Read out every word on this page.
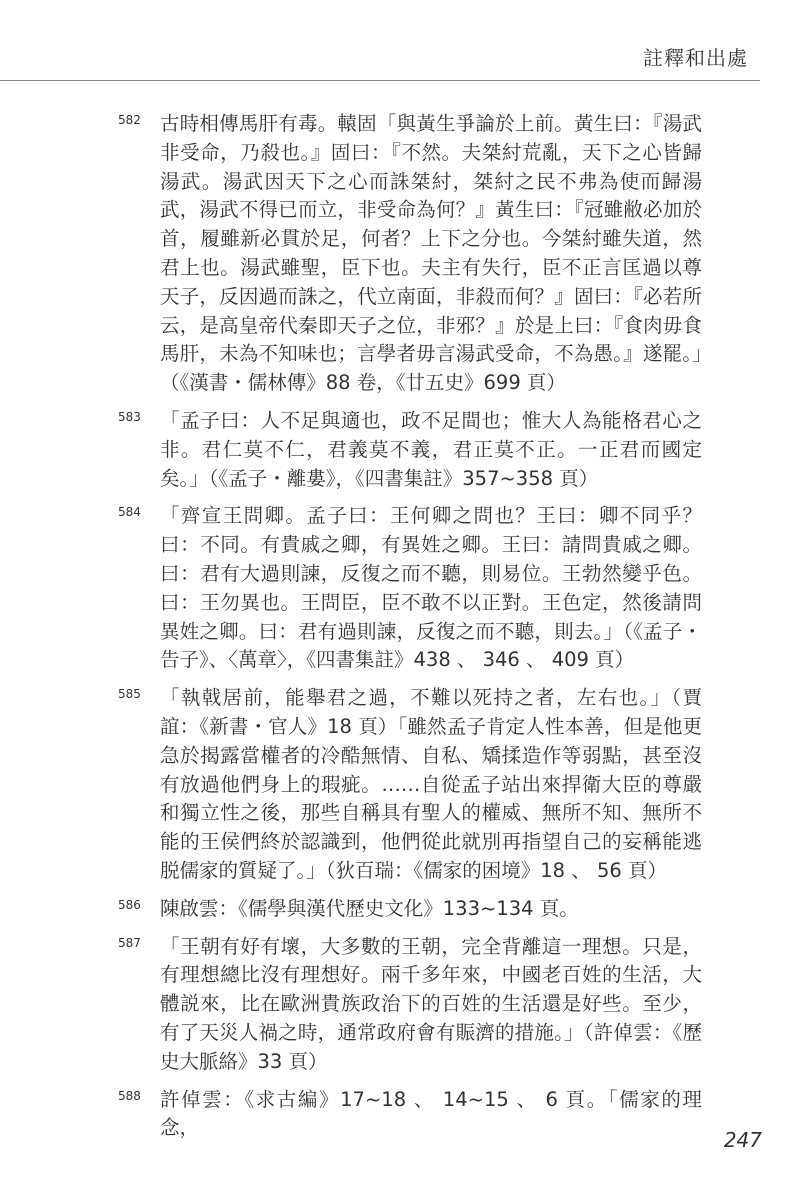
註釋和出處
582 古時相傳馬肝有毒。轅固「與黃生爭論於上前。黃生曰：『湯武非受命，乃殺也。』固曰：『不然。夫桀紂荒亂，天下之心皆歸湯武。湯武因天下之心而誅桀紂，桀紂之民不弗為使而歸湯武，湯武不得已而立，非受命為何？』黃生曰：『冠雖敝必加於首，履雖新必貫於足，何者？上下之分也。今桀紂雖失道，然君上也。湯武雖聖，臣下也。夫主有失行，臣不正言匡過以尊天子，反因過而誅之，代立南面，非殺而何？』固曰：『必若所云，是高皇帝代秦即天子之位，非邪？』於是上曰：『食肉毋食馬肝，未為不知味也；言學者毋言湯武受命，不為愚。』遂罷。」（《漢書・儒林傳》88 卷，《廿五史》699 頁）
583 「孟子曰：人不足與適也，政不足間也；惟大人為能格君心之非。君仁莫不仁，君義莫不義，君正莫不正。一正君而國定矣。」（《孟子・離婁》，《四書集註》357~358 頁）
584 「齊宣王問卿。孟子曰：王何卿之問也？王曰：卿不同乎？曰：不同。有貴戚之卿，有異姓之卿。王曰：請問貴戚之卿。曰：君有大過則諫，反復之而不聽，則易位。王勃然變乎色。曰：王勿異也。王問臣，臣不敢不以正對。王色定，然後請問異姓之卿。曰：君有過則諫，反復之而不聽，則去。」（《孟子・告子》、〈萬章〉，《四書集註》438 、 346 、 409 頁）
585 「執戟居前，能舉君之過，不難以死持之者，左右也。」（賈誼：《新書・官人》18 頁）「雖然孟子肯定人性本善，但是他更急於揭露當權者的冷酷無情、自私、矯揉造作等弱點，甚至沒有放過他們身上的瑕疵。……自從孟子站出來捍衛大臣的尊嚴和獨立性之後，那些自稱具有聖人的權威、無所不知、無所不能的王侯們終於認識到，他們從此就別再指望自己的妄稱能逃脱儒家的質疑了。」（狄百瑞：《儒家的困境》18 、 56 頁）
586 陳啟雲：《儒學與漢代歷史文化》133~134 頁。
587 「王朝有好有壞，大多數的王朝，完全背離這一理想。只是，有理想總比沒有理想好。兩千多年來，中國老百姓的生活，大體説來，比在歐洲貴族政治下的百姓的生活還是好些。至少，有了天災人禍之時，通常政府會有賑濟的措施。」（許倬雲：《歷史大脈絡》33 頁）
588 許倬雲：《求古編》17~18 、 14~15 、 6 頁。「儒家的理念，
247
